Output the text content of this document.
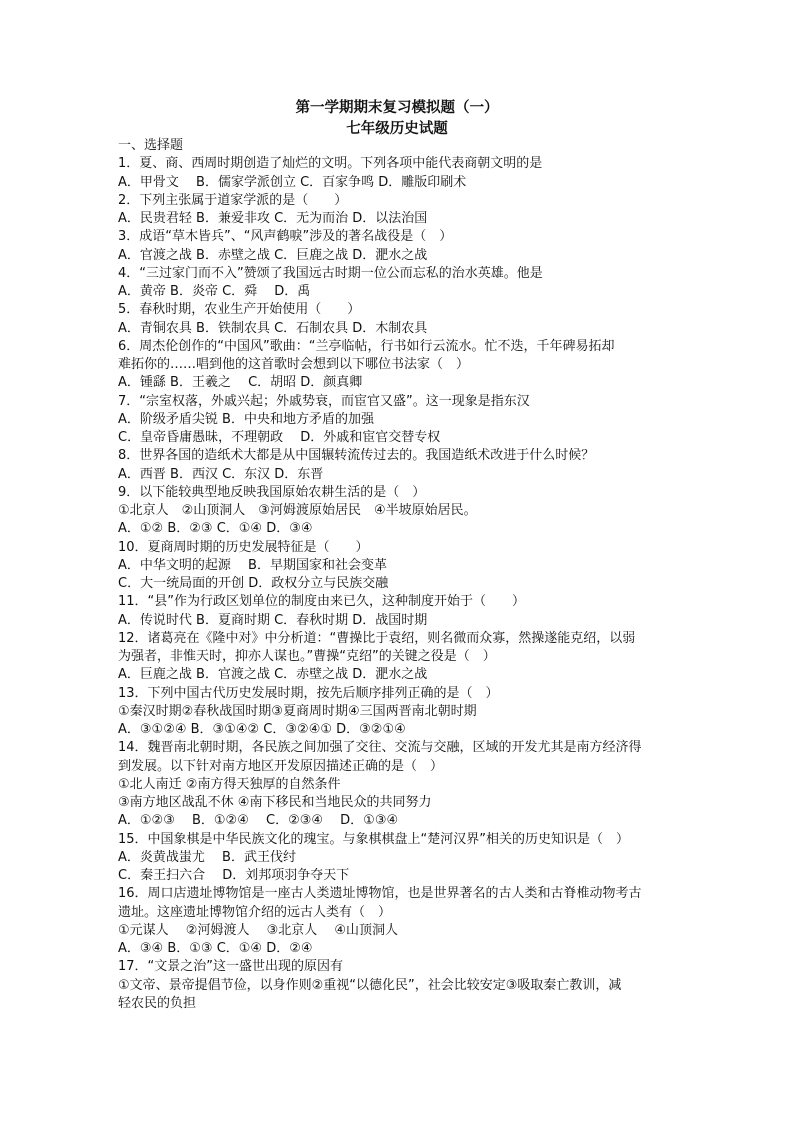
第一学期期末复习模拟题（一）
七年级历史试题
一、选择题
1．夏、商、西周时期创造了灿烂的文明。下列各项中能代表商朝文明的是
A．甲骨文　 B．儒家学派创立 C．百家争鸣 D．雕版印刷术
2．下列主张属于道家学派的是（　　）
A．民贵君轻 B．兼爱非攻 C．无为而治 D．以法治国
3．成语“草木皆兵”、“风声鹤唳”涉及的著名战役是（　）
A．官渡之战 B．赤壁之战 C．巨鹿之战 D．淝水之战
4．“三过家门而不入”赞颂了我国远古时期一位公而忘私的治水英雄。他是
A．黄帝 B．炎帝 C．舜　 D．禹
5．春秋时期，农业生产开始使用（　　）
A．青铜农具 B．铁制农具 C．石制农具 D．木制农具
6．周杰伦创作的“中国风”歌曲：“兰亭临帖，行书如行云流水。忙不迭，千年碑易拓却
难拓你的……唱到他的这首歌时会想到以下哪位书法家（　）
A．锺繇 B．王羲之　 C．胡昭 D．颜真卿
7．“宗室权落，外戚兴起；外戚势衰，而宦官又盛”。这一现象是指东汉
A．阶级矛盾尖锐 B．中央和地方矛盾的加强
C．皇帝昏庸愚昧，不理朝政　 D．外戚和宦官交替专权
8．世界各国的造纸术大都是从中国辗转流传过去的。我国造纸术改进于什么时候？
A．西晋 B．西汉 C．东汉 D．东晋
9．以下能较典型地反映我国原始农耕生活的是（　）
①北京人　②山顶洞人　③河姆渡原始居民　④半坡原始居民。
A．①② B．②③ C．①④ D．③④
10．夏商周时期的历史发展特征是（　　）
A．中华文明的起源　 B．早期国家和社会变革
C．大一统局面的开创 D．政权分立与民族交融
11．“县”作为行政区划单位的制度由来已久，这种制度开始于（　　）
A．传说时代 B．夏商时期 C．春秋时期 D．战国时期
12．诸葛亮在《隆中对》中分析道：“曹操比于袁绍，则名微而众寡，然操遂能克绍，以弱
为强者，非惟天时，抑亦人谋也。”曹操“克绍”的关键之役是（　）
A．巨鹿之战 B．官渡之战 C．赤壁之战 D．淝水之战
13．下列中国古代历史发展时期，按先后顺序排列正确的是（　）
①秦汉时期②春秋战国时期③夏商周时期④三国两晋南北朝时期
A．③①②④ B．③①④② C．③②④① D．③②①④
14．魏晋南北朝时期，各民族之间加强了交往、交流与交融，区域的开发尤其是南方经济得
到发展。以下针对南方地区开发原因描述正确的是（　）
①北人南迁 ②南方得天独厚的自然条件
③南方地区战乱不休 ④南下移民和当地民众的共同努力
A．①②③　 B．①②④　 C．②③④　 D．①③④
15．中国象棋是中华民族文化的瑰宝。与象棋棋盘上“楚河汉界”相关的历史知识是（　）
A．炎黄战蚩尤　 B．武王伐纣
C．秦王扫六合　 D．刘邦项羽争夺天下
16．周口店遗址博物馆是一座古人类遗址博物馆，也是世界著名的古人类和古脊椎动物考古
遗址。这座遗址博物馆介绍的远古人类有（　）
①元谋人　 ②河姆渡人　 ③北京人　 ④山顶洞人
A．③④ B．①③ C．①④ D．②④
17．“文景之治”这一盛世出现的原因有
①文帝、景帝提倡节俭，以身作则②重视“以德化民”，社会比较安定③吸取秦亡教训，减
轻农民的负担
